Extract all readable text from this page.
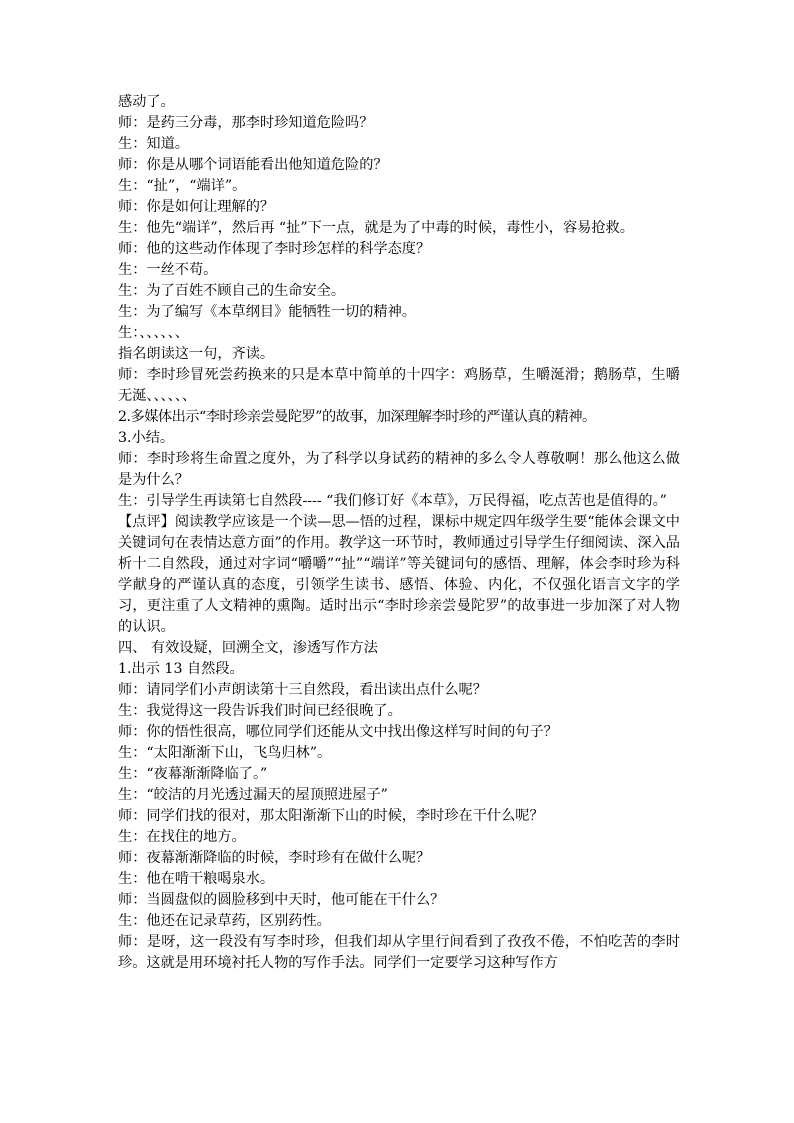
感动了。

师：是药三分毒，那李时珍知道危险吗？

生：知道。

师：你是从哪个词语能看出他知道危险的？

生：“扯”，“端详”。

师：你是如何让理解的？

生：他先“端详”，然后再 “扯”下一点，就是为了中毒的时候，毒性小，容易抢救。

师：他的这些动作体现了李时珍怎样的科学态度？

生：一丝不苟。

生：为了百姓不顾自己的生命安全。

生：为了编写《本草纲目》能牺牲一切的精神。

生：、、、、、、

指名朗读这一句，齐读。

师：李时珍冒死尝药换来的只是本草中简单的十四字：鸡肠草，生嚼涎滑；鹅肠草，生嚼无涎、、、、、、

2.多媒体出示“李时珍亲尝曼陀罗”的故事，加深理解李时珍的严谨认真的精神。

3.小结。

师：李时珍将生命置之度外，为了科学以身试药的精神的多么令人尊敬啊！那么他这么做是为什么？

生：引导学生再读第七自然段---- “我们修订好《本草》，万民得福，吃点苦也是值得的。”

【点评】阅读教学应该是一个读—思—悟的过程，课标中规定四年级学生要“能体会课文中关键词句在表情达意方面”的作用。教学这一环节时，教师通过引导学生仔细阅读、深入品析十二自然段，通过对字词“嚼嚼”“扯”“端详”等关键词句的感悟、理解，体会李时珍为科学献身的严谨认真的态度，引领学生读书、感悟、体验、内化，不仅强化语言文字的学习，更注重了人文精神的熏陶。适时出示“李时珍亲尝曼陀罗”的故事进一步加深了对人物的认识。

四、 有效设疑，回溯全文，渗透写作方法

1.出示 13 自然段。

师：请同学们小声朗读第十三自然段，看出读出点什么呢？

生：我觉得这一段告诉我们时间已经很晚了。

师：你的悟性很高，哪位同学们还能从文中找出像这样写时间的句子？

生：“太阳渐渐下山，飞鸟归林”。

生：“夜幕渐渐降临了。”

生：“皎洁的月光透过漏天的屋顶照进屋子”

师：同学们找的很对，那太阳渐渐下山的时候，李时珍在干什么呢？

生：在找住的地方。

师：夜幕渐渐降临的时候，李时珍有在做什么呢？

生：他在啃干粮喝泉水。

师：当圆盘似的圆脸移到中天时，他可能在干什么？

生：他还在记录草药，区别药性。

师：是呀，这一段没有写李时珍，但我们却从字里行间看到了孜孜不倦，不怕吃苦的李时珍。这就是用环境衬托人物的写作手法。同学们一定要学习这种写作方
